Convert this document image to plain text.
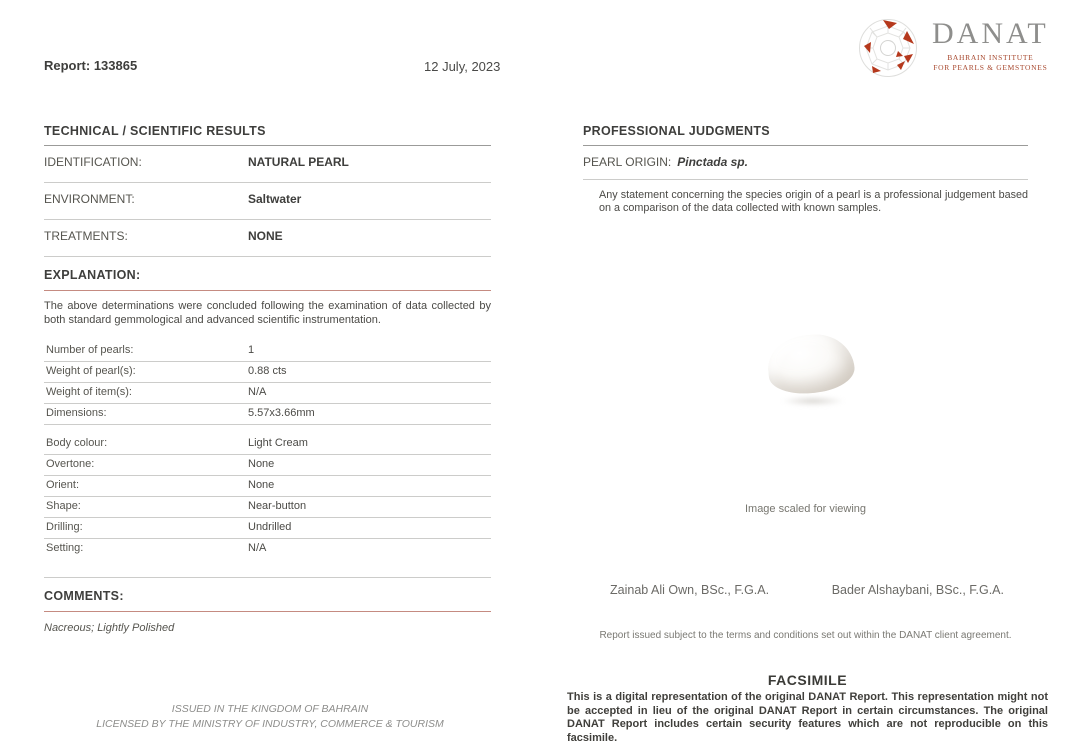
Report: 133865	12 July, 2023
DANAT
BAHRAIN INSTITUTE
FOR PEARLS & GEMSTONES
TECHNICAL / SCIENTIFIC RESULTS
IDENTIFICATION:	NATURAL PEARL
ENVIRONMENT:	Saltwater
TREATMENTS:	NONE
EXPLANATION:
The above determinations were concluded following the examination of data collected by both standard gemmological and advanced scientific instrumentation.
Number of pearls:	1
Weight of pearl(s):	0.88 cts
Weight of item(s):	N/A
Dimensions:	5.57x3.66mm
Body colour:	Light Cream
Overtone:	None
Orient:	None
Shape:	Near-button
Drilling:	Undrilled
Setting:	N/A
COMMENTS:
Nacreous; Lightly Polished
ISSUED IN THE KINGDOM OF BAHRAIN
LICENSED BY THE MINISTRY OF INDUSTRY, COMMERCE & TOURISM
PROFESSIONAL JUDGMENTS
PEARL ORIGIN: Pinctada sp.
Any statement concerning the species origin of a pearl is a professional judgement based on a comparison of the data collected with known samples.
Image scaled for viewing
Zainab Ali Own, BSc., F.G.A.	Bader Alshaybani, BSc., F.G.A.
Report issued subject to the terms and conditions set out within the DANAT client agreement.
FACSIMILE
This is a digital representation of the original DANAT Report. This representation might not be accepted in lieu of the original DANAT Report in certain circumstances. The original DANAT Report includes certain security features which are not reproducible on this facsimile.
